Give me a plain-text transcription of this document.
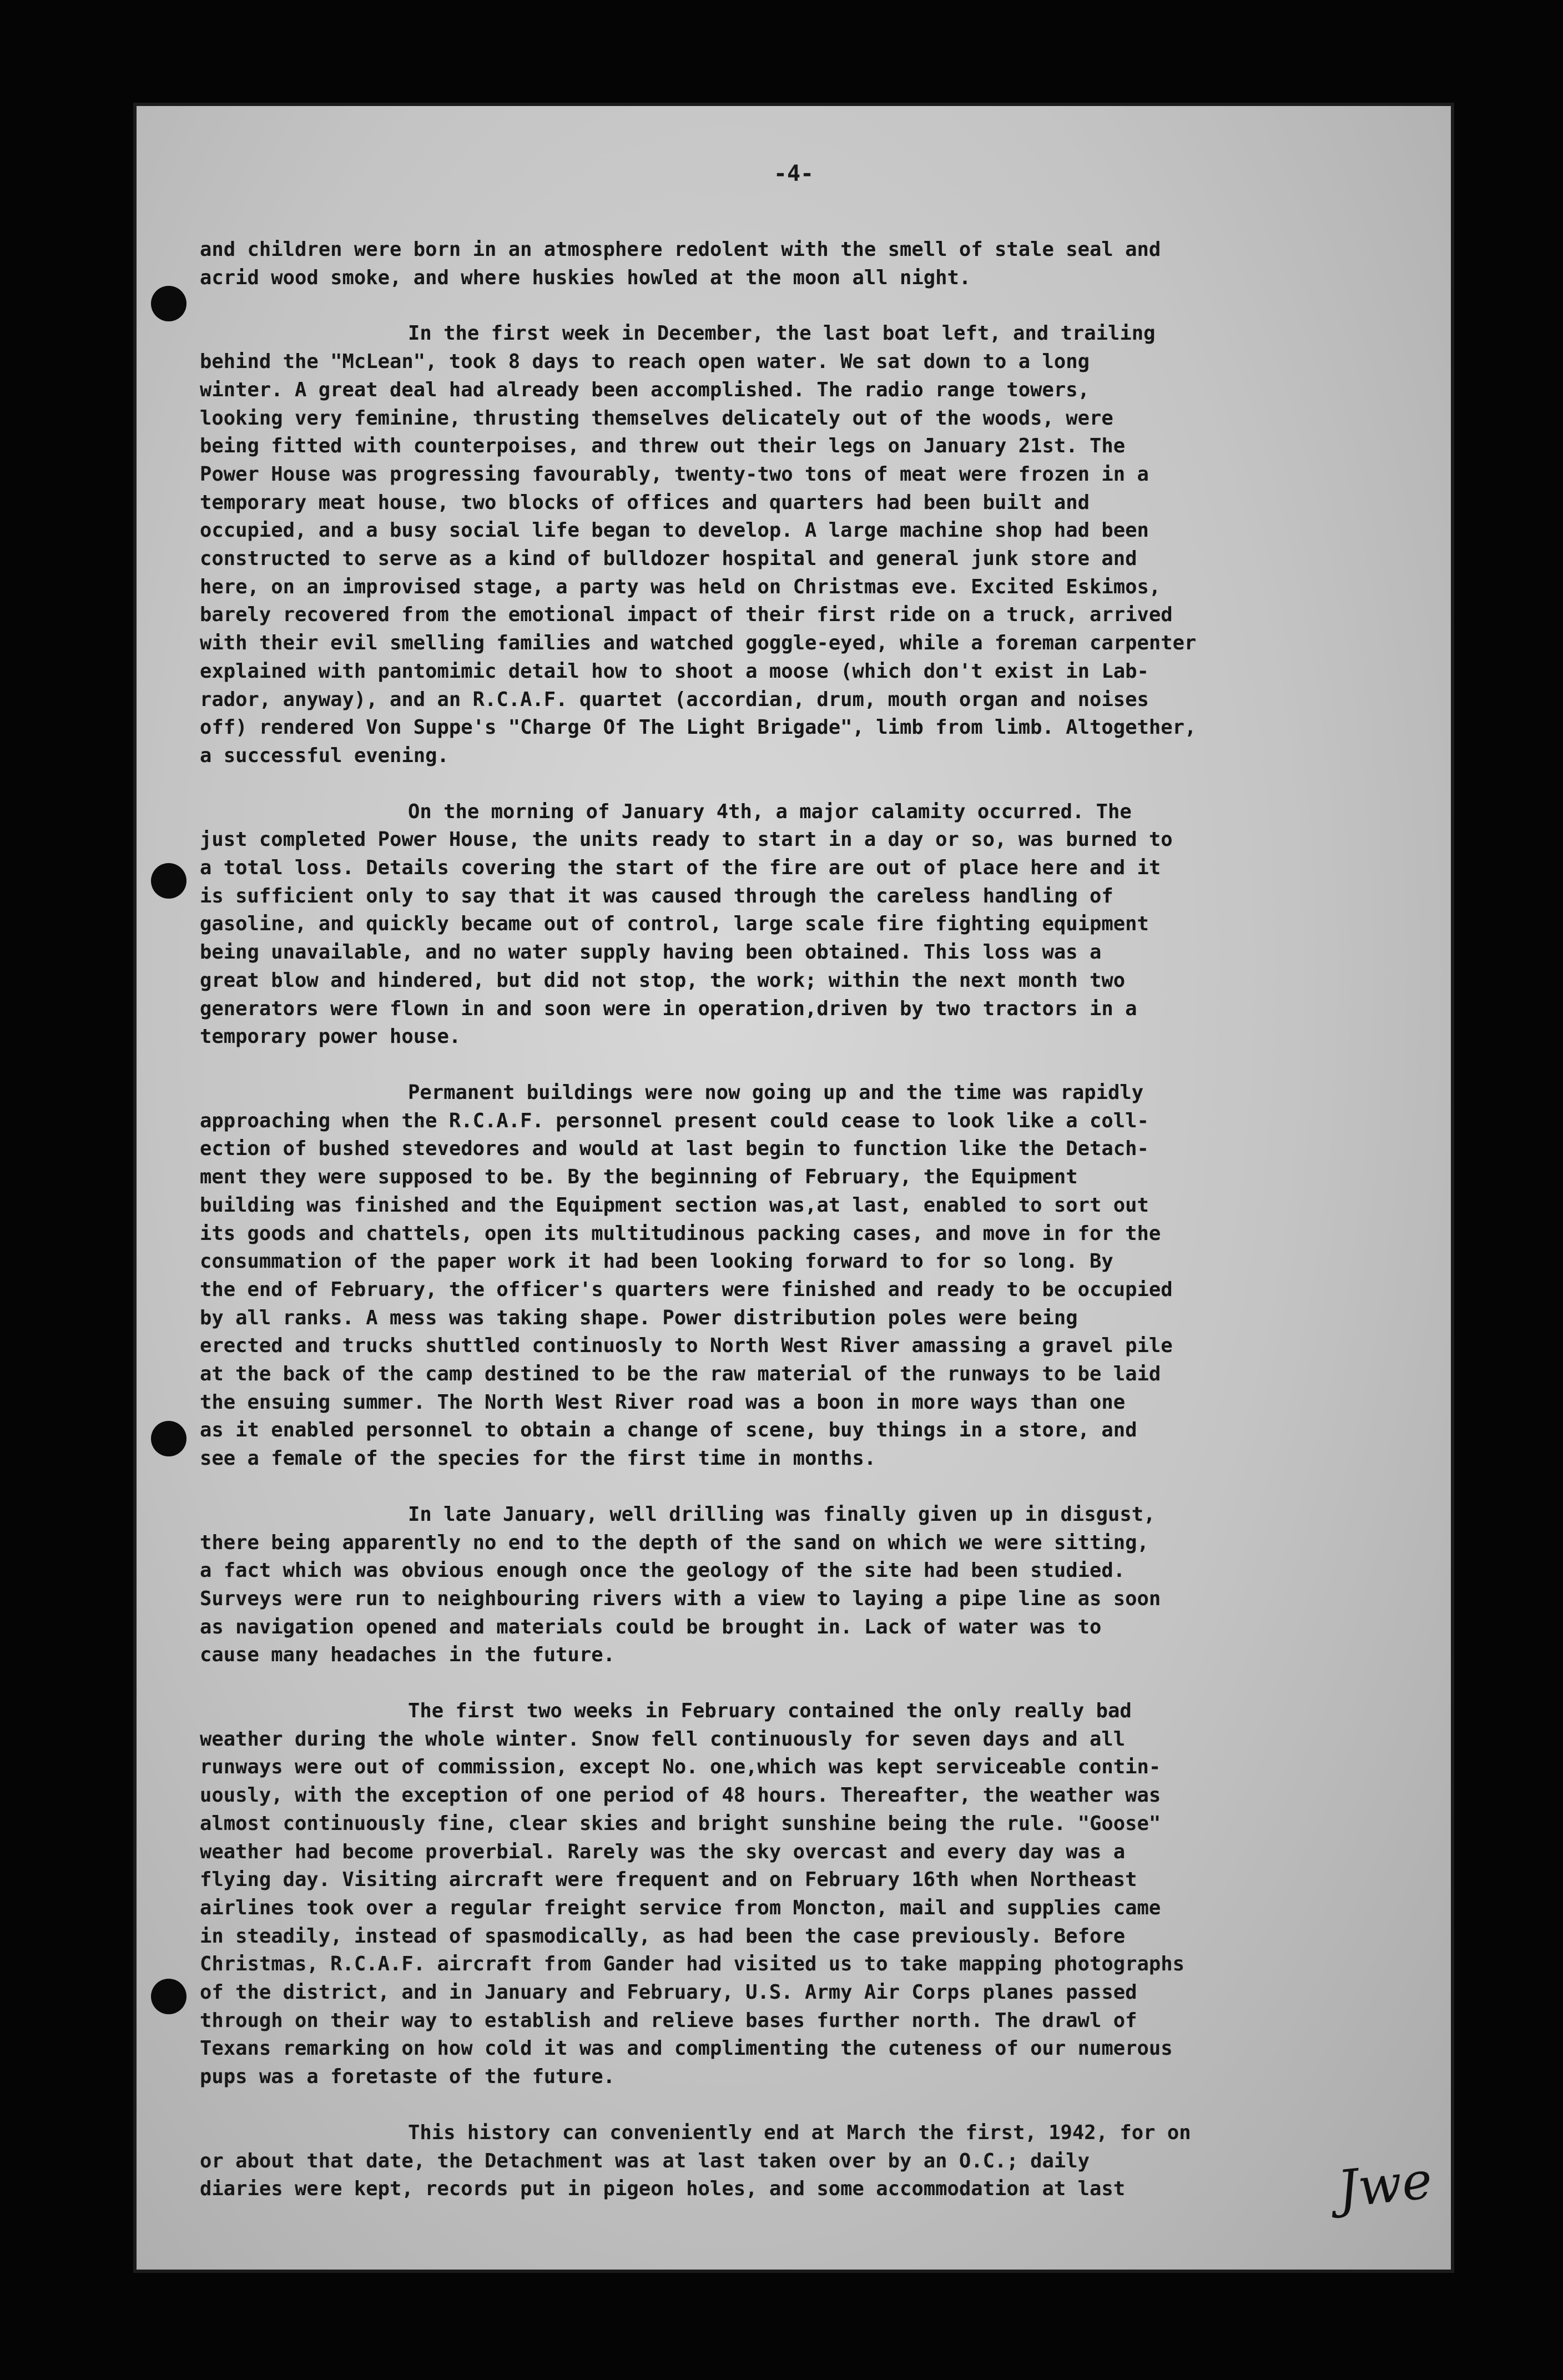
-4-
and children were born in an atmosphere redolent with the smell of stale seal and
acrid wood smoke, and where huskies howled at the moon all night.
In the first week in December, the last boat left, and trailing
behind the "McLean", took 8 days to reach open water. We sat down to a long
winter. A great deal had already been accomplished. The radio range towers,
looking very feminine, thrusting themselves delicately out of the woods, were
being fitted with counterpoises, and threw out their legs on January 21st. The
Power House was progressing favourably, twenty-two tons of meat were frozen in a
temporary meat house, two blocks of offices and quarters had been built and
occupied, and a busy social life began to develop. A large machine shop had been
constructed to serve as a kind of bulldozer hospital and general junk store and
here, on an improvised stage, a party was held on Christmas eve. Excited Eskimos,
barely recovered from the emotional impact of their first ride on a truck, arrived
with their evil smelling families and watched goggle-eyed, while a foreman carpenter
explained with pantomimic detail how to shoot a moose (which don't exist in Lab-
rador, anyway), and an R.C.A.F. quartet (accordian, drum, mouth organ and noises
off) rendered Von Suppe's "Charge Of The Light Brigade", limb from limb. Altogether,
a successful evening.
On the morning of January 4th, a major calamity occurred. The
just completed Power House, the units ready to start in a day or so, was burned to
a total loss. Details covering the start of the fire are out of place here and it
is sufficient only to say that it was caused through the careless handling of
gasoline, and quickly became out of control, large scale fire fighting equipment
being unavailable, and no water supply having been obtained. This loss was a
great blow and hindered, but did not stop, the work; within the next month two
generators were flown in and soon were in operation,driven by two tractors in a
temporary power house.
Permanent buildings were now going up and the time was rapidly
approaching when the R.C.A.F. personnel present could cease to look like a coll-
ection of bushed stevedores and would at last begin to function like the Detach-
ment they were supposed to be. By the beginning of February, the Equipment
building was finished and the Equipment section was,at last, enabled to sort out
its goods and chattels, open its multitudinous packing cases, and move in for the
consummation of the paper work it had been looking forward to for so long. By
the end of February, the officer's quarters were finished and ready to be occupied
by all ranks. A mess was taking shape. Power distribution poles were being
erected and trucks shuttled continuosly to North West River amassing a gravel pile
at the back of the camp destined to be the raw material of the runways to be laid
the ensuing summer. The North West River road was a boon in more ways than one
as it enabled personnel to obtain a change of scene, buy things in a store, and
see a female of the species for the first time in months.
In late January, well drilling was finally given up in disgust,
there being apparently no end to the depth of the sand on which we were sitting,
a fact which was obvious enough once the geology of the site had been studied.
Surveys were run to neighbouring rivers with a view to laying a pipe line as soon
as navigation opened and materials could be brought in. Lack of water was to
cause many headaches in the future.
The first two weeks in February contained the only really bad
weather during the whole winter. Snow fell continuously for seven days and all
runways were out of commission, except No. one,which was kept serviceable contin-
uously, with the exception of one period of 48 hours. Thereafter, the weather was
almost continuously fine, clear skies and bright sunshine being the rule. "Goose"
weather had become proverbial. Rarely was the sky overcast and every day was a
flying day. Visiting aircraft were frequent and on February 16th when Northeast
airlines took over a regular freight service from Moncton, mail and supplies came
in steadily, instead of spasmodically, as had been the case previously. Before
Christmas, R.C.A.F. aircraft from Gander had visited us to take mapping photographs
of the district, and in January and February, U.S. Army Air Corps planes passed
through on their way to establish and relieve bases further north. The drawl of
Texans remarking on how cold it was and complimenting the cuteness of our numerous
pups was a foretaste of the future.
This history can conveniently end at March the first, 1942, for on
or about that date, the Detachment was at last taken over by an O.C.; daily
diaries were kept, records put in pigeon holes, and some accommodation at last	Jwe
